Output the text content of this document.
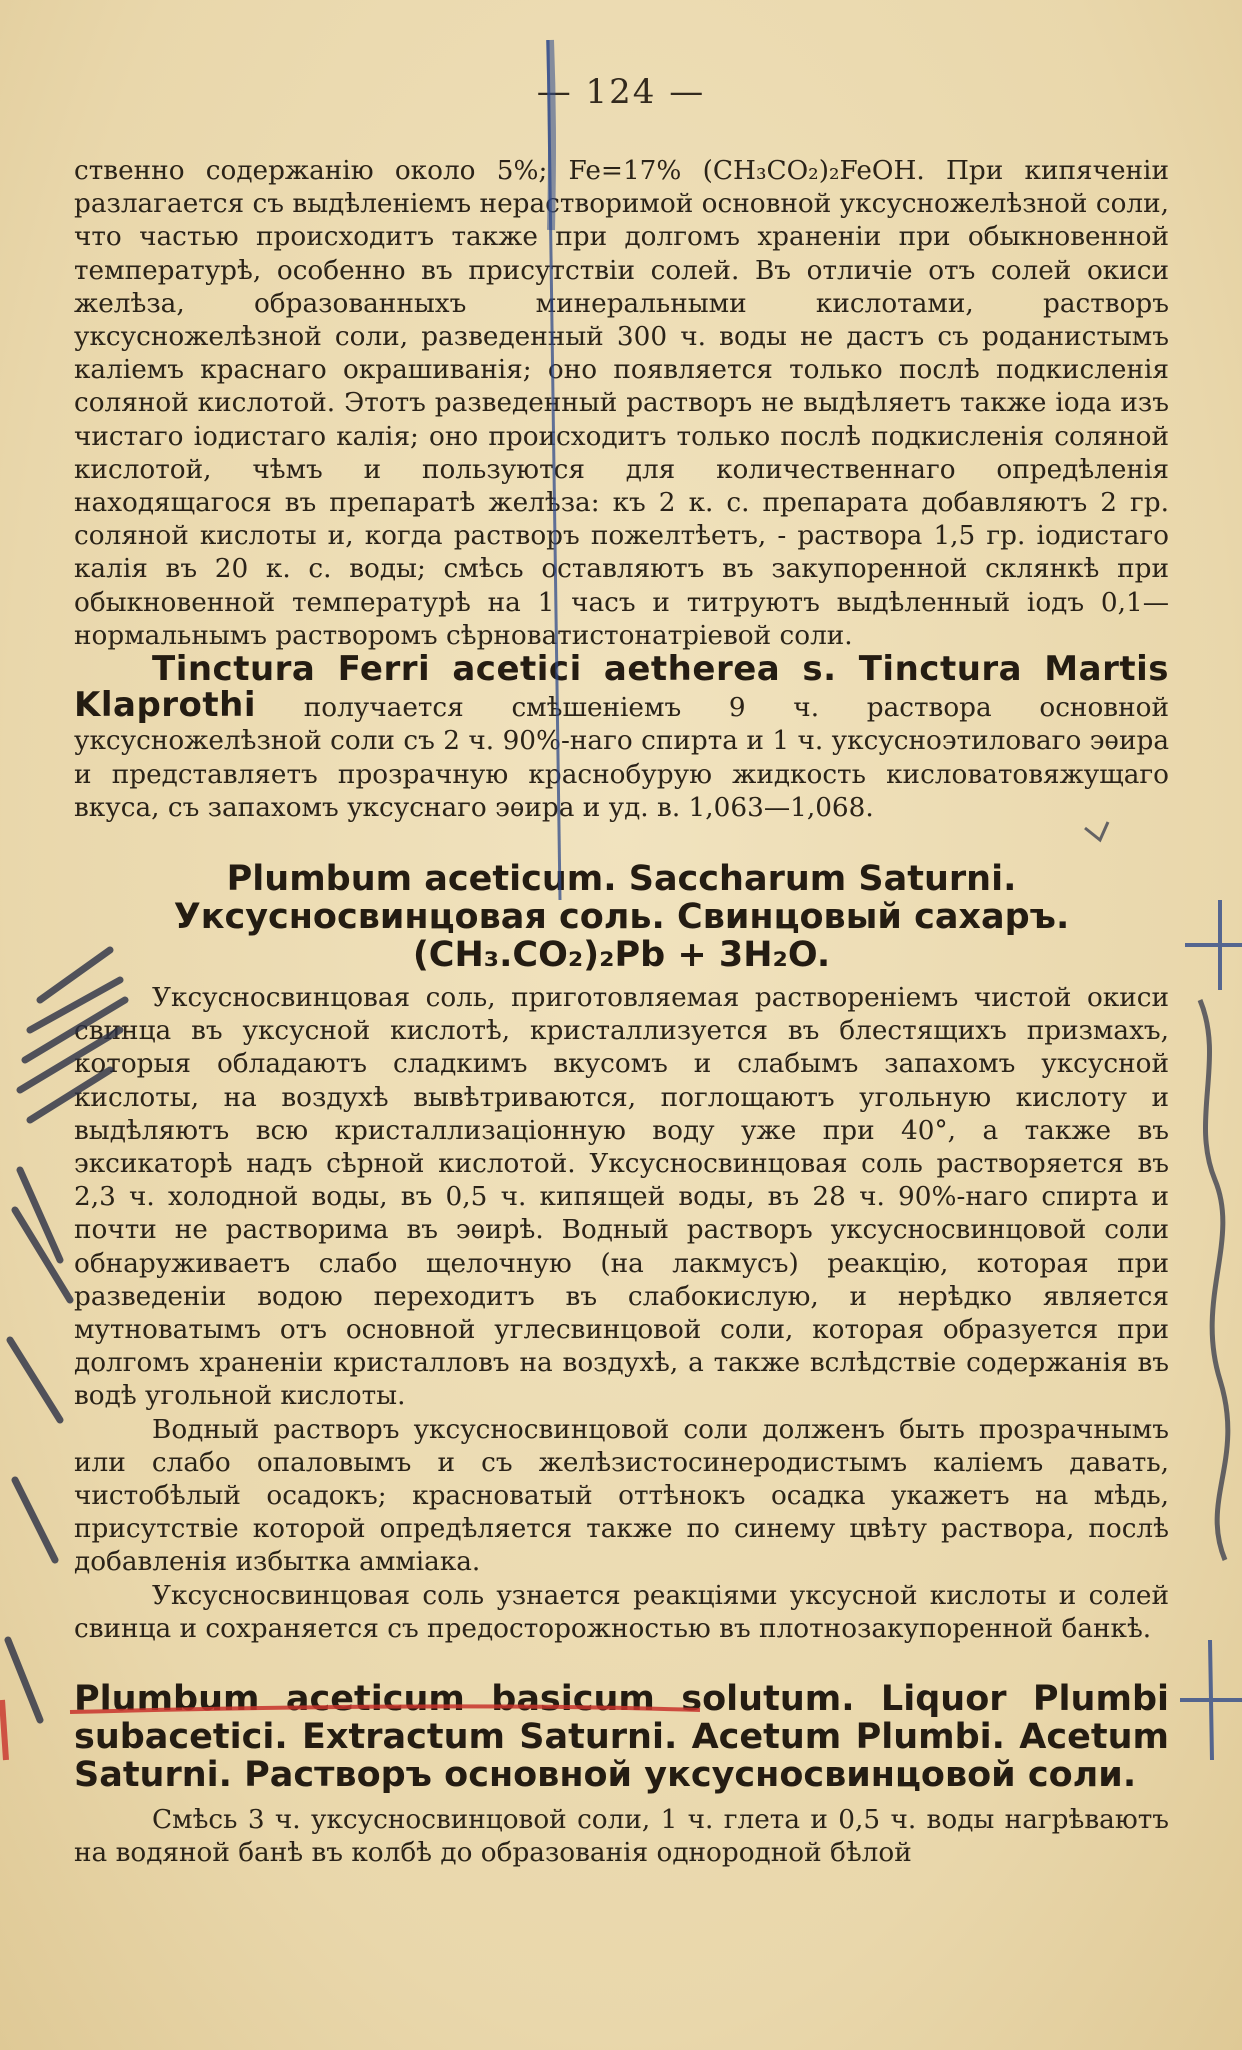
— 124 —

ственно содержанію около 5%; Fe=17% (CH₃CO₂)₂FeOH. При кипяченіи разлагается съ выдѣленіемъ нерастворимой основной уксусножелѣзной соли, что частью происходитъ также при долгомъ храненіи при обыкновенной температурѣ, особенно въ присутствіи солей. Въ отличіе отъ солей окиси желѣза, образованныхъ минеральными кислотами, растворъ уксусножелѣзной соли, разведенный 300 ч. воды не дастъ съ роданистымъ каліемъ краснаго окрашиванія; оно появляется только послѣ подкисленія соляной кислотой. Этотъ разведенный растворъ не выдѣляетъ также іода изъ чистаго іодистаго калія; оно происходитъ только послѣ подкисленія соляной кислотой, чѣмъ и пользуются для количественнаго опредѣленія находящагося въ препаратѣ желѣза: къ 2 к. с. препарата добавляютъ 2 гр. соляной кислоты и, когда растворъ пожелтѣетъ, - раствора 1,5 гр. іодистаго калія въ 20 к. с. воды; смѣсь оставляютъ въ закупоренной склянкѣ при обыкновенной температурѣ на 1 часъ и титруютъ выдѣленный іодъ 0,1—нормальнымъ растворомъ сѣрноватистонатріевой соли.

Tinctura Ferri acetici aetherea s. Tinctura Martis Klaprothi получается смѣшеніемъ 9 ч. раствора основной уксусножелѣзной соли съ 2 ч. 90%-наго спирта и 1 ч. уксусноэтиловаго эѳира и представляетъ прозрачную краснобурую жидкость кисловатовяжущаго вкуса, съ запахомъ уксуснаго эѳира и уд. в. 1,063—1,068.

Plumbum aceticum. Saccharum Saturni. Уксусносвинцовая соль. Свинцовый сахаръ.

(CH₃.CO₂)₂Pb + 3H₂O.

Уксусносвинцовая соль, приготовляемая растворенiемъ чистой окиси свинца въ уксусной кислотѣ, кристаллизуется въ блестящихъ призмахъ, которыя обладаютъ сладкимъ вкусомъ и слабымъ запахомъ уксусной кислоты, на воздухѣ вывѣтриваются, поглощаютъ угольную кислоту и выдѣляютъ всю кристаллизаціонную воду уже при 40°, а также въ эксикаторѣ надъ сѣрной кислотой. Уксусносвинцовая соль растворяется въ 2,3 ч. холодной воды, въ 0,5 ч. кипящей воды, въ 28 ч. 90%-наго спирта и почти не растворима въ эѳирѣ. Водный растворъ уксусносвинцовой соли обнаруживаетъ слабо щелочную (на лакмусъ) реакцію, которая при разведеніи водою переходитъ въ слабокислую, и нерѣдко является мутноватымъ отъ основной углесвинцовой соли, которая образуется при долгомъ храненіи кристалловъ на воздухѣ, а также вслѣдствіе содержанія въ водѣ угольной кислоты.

Водный растворъ уксусносвинцовой соли долженъ быть прозрачнымъ или слабо опаловымъ и съ желѣзистосинеродистымъ каліемъ давать, чистобѣлый осадокъ; красноватый оттѣнокъ осадка укажетъ на мѣдь, присутствіе которой опредѣляется также по синему цвѣту раствора, послѣ добавленія избытка амміака.

Уксусносвинцовая соль узнается реакціями уксусной кислоты и солей свинца и сохраняется съ предосторожностью въ плотнозакупоренной банкѣ.

Plumbum aceticum basicum solutum. Liquor Plumbi subacetici. Extractum Saturni. Acetum Plumbi. Acetum Saturni. Растворъ основной уксусносвинцовой соли.

Смѣсь 3 ч. уксусносвинцовой соли, 1 ч. глета и 0,5 ч. воды нагрѣваютъ на водяной банѣ въ колбѣ до образованія однородной бѣлой
